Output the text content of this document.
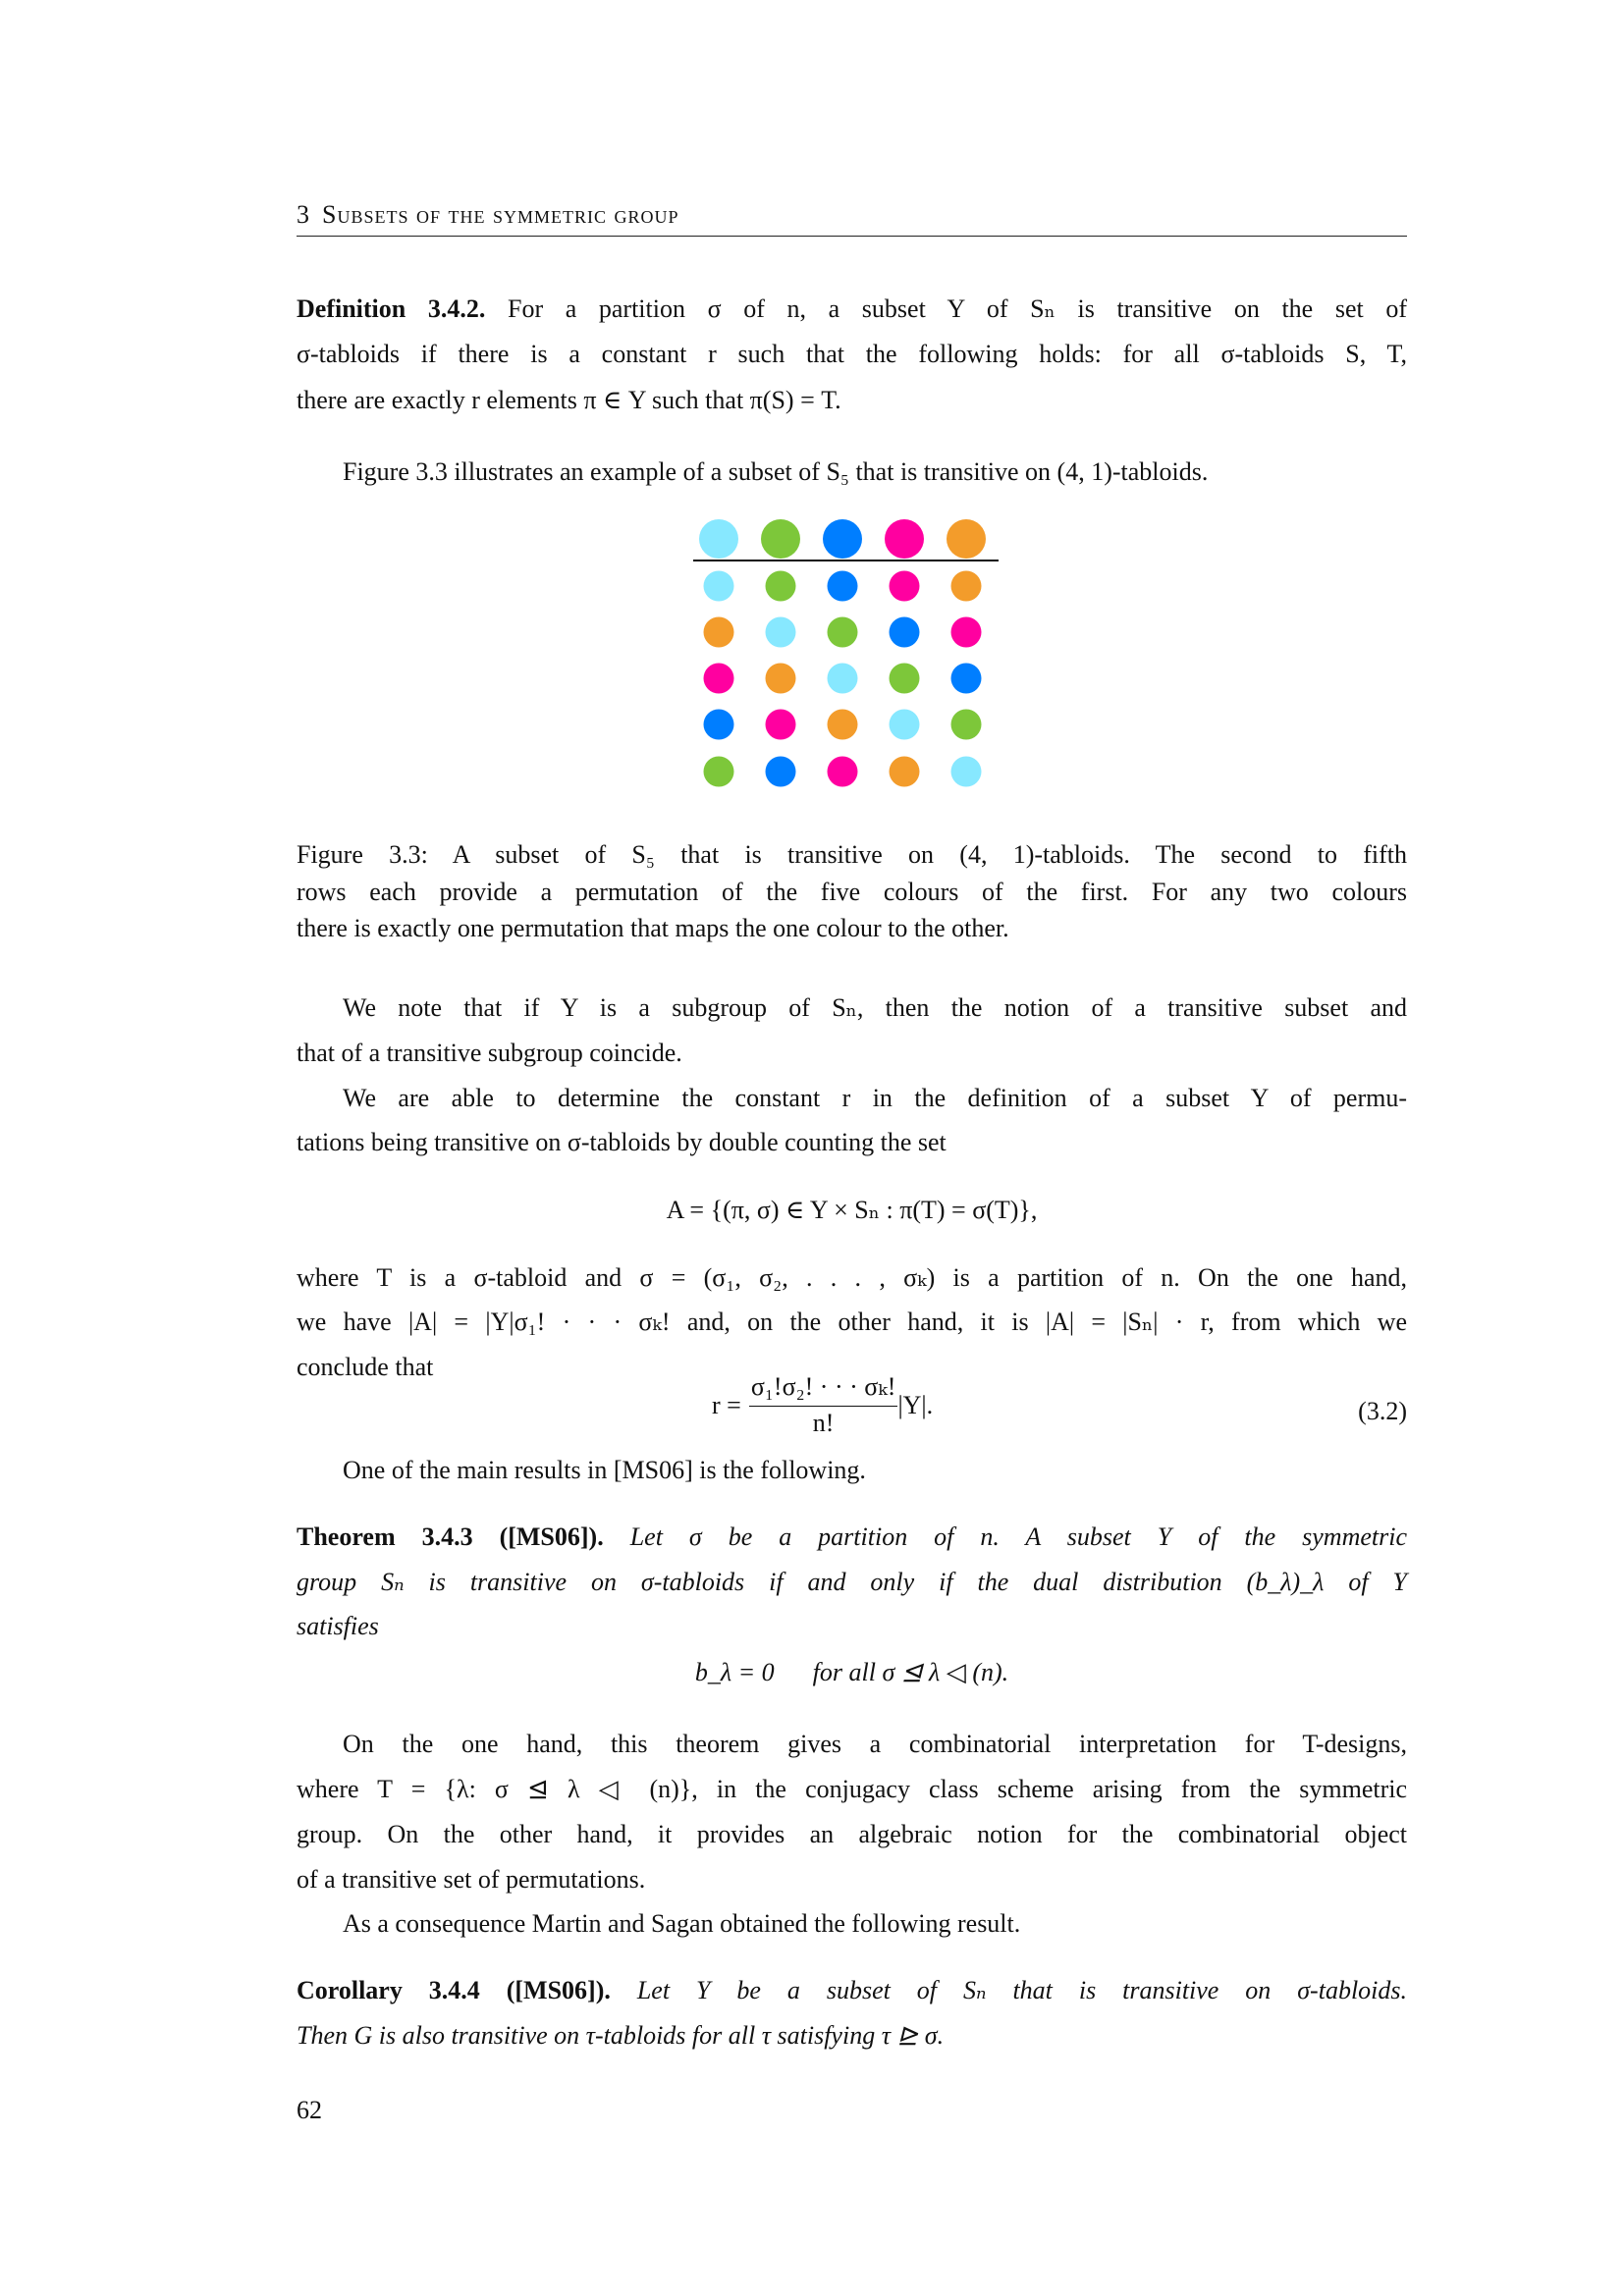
3 Subsets of the symmetric group
Definition 3.4.2. For a partition σ of n, a subset Y of Sₙ is transitive on the set of
σ-tabloids if there is a constant r such that the following holds: for all σ-tabloids S, T,
there are exactly r elements π ∈ Y such that π(S) = T.
Figure 3.3 illustrates an example of a subset of S₅ that is transitive on (4, 1)-tabloids.
Figure 3.3: A subset of S₅ that is transitive on (4, 1)-tabloids. The second to fifth
rows each provide a permutation of the five colours of the first. For any two colours
there is exactly one permutation that maps the one colour to the other.
We note that if Y is a subgroup of Sₙ, then the notion of a transitive subset and
that of a transitive subgroup coincide.
We are able to determine the constant r in the definition of a subset Y of permu-
tations being transitive on σ-tabloids by double counting the set
A = {(π, σ) ∈ Y × Sₙ : π(T) = σ(T)},
where T is a σ-tabloid and σ = (σ₁, σ₂, . . . , σₖ) is a partition of n. On the one hand,
we have |A| = |Y|σ₁! · · · σₖ! and, on the other hand, it is |A| = |Sₙ| · r, from which we
conclude that
$r = \frac{\text{σ₁!σ₂! · · · σₖ!}}{n!} |Y|$.	(3.2)
One of the main results in [MS06] is the following.
Theorem 3.4.3 ([MS06]). Let σ be a partition of n. A subset Y of the symmetric
group Sₙ is transitive on σ-tabloids if and only if the dual distribution (b_λ)_λ of Y
satisfies
b_λ = 0      for all σ ⊴ λ ◁ (n).
On the one hand, this theorem gives a combinatorial interpretation for T-designs,
where T = {λ: σ ⊴ λ ◁ (n)}, in the conjugacy class scheme arising from the symmetric
group. On the other hand, it provides an algebraic notion for the combinatorial object
of a transitive set of permutations.
As a consequence Martin and Sagan obtained the following result.
Corollary 3.4.4 ([MS06]). Let Y be a subset of Sₙ that is transitive on σ-tabloids.
Then G is also transitive on τ-tabloids for all τ satisfying τ ⊵ σ.
62
